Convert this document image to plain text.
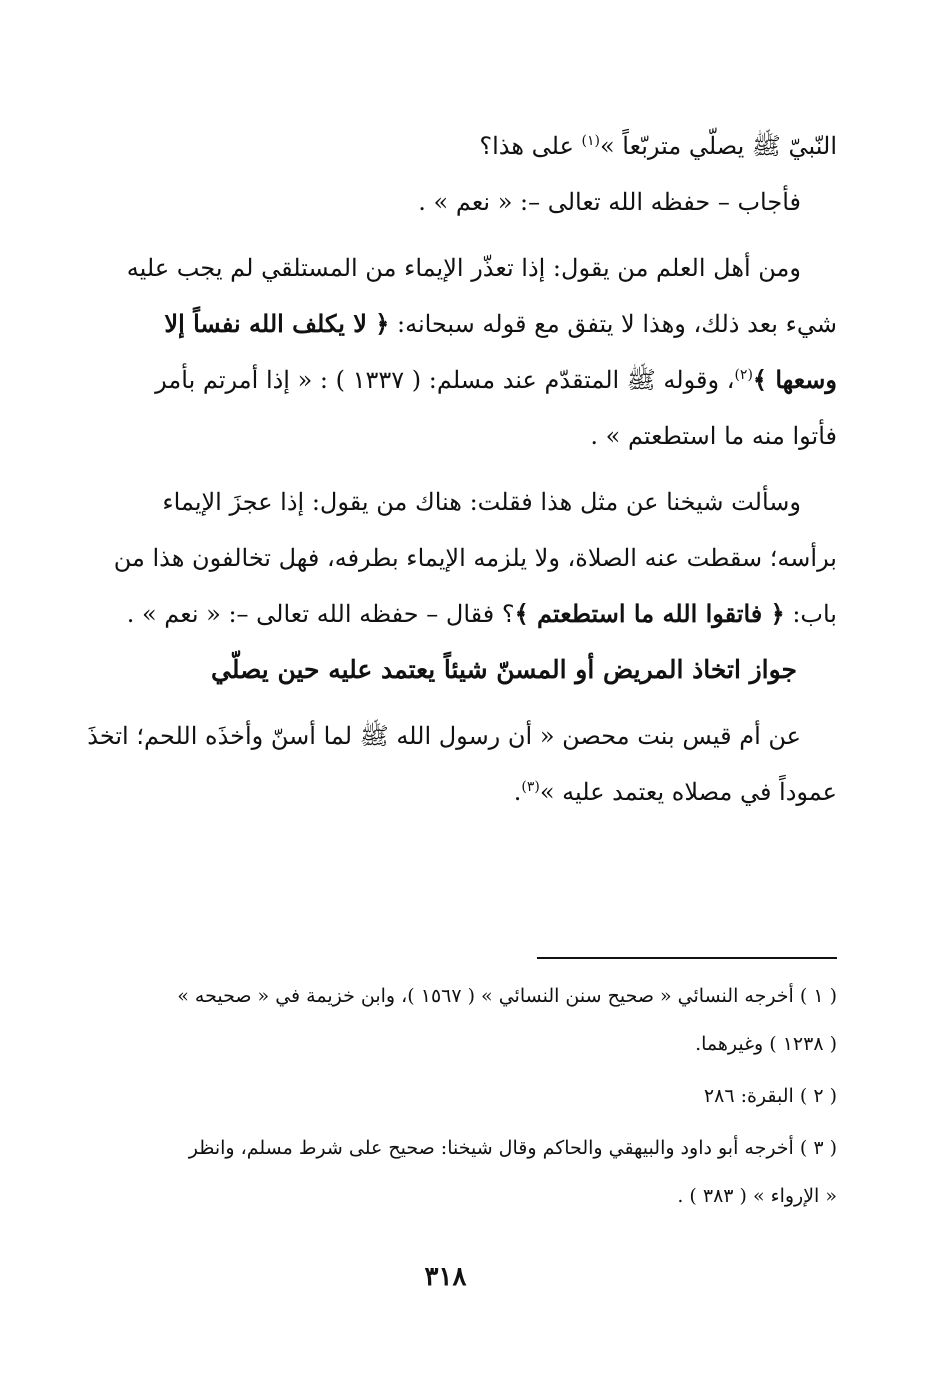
النّبيّ ﷺ يصلّي متربّعاً »$^{(١)}$ على هذا؟
فأجاب – حفظه الله تعالى –: « نعم » .
ومن أهل العلم من يقول: إذا تعذّر الإيماء من المستلقي لم يجب عليه
شيء بعد ذلك، وهذا لا يتفق مع قوله سبحانه: ﴿ لا يكلف الله نفساً إلا
وسعها ﴾$^{(٢)}$، وقوله ﷺ المتقدّم عند مسلم: ( ١٣٣٧ ) : « إذا أمرتم بأمر
فأتوا منه ما استطعتم » .
وسألت شيخنا عن مثل هذا فقلت: هناك من يقول: إذا عجزَ الإيماء
برأسه؛ سقطت عنه الصلاة، ولا يلزمه الإيماء بطرفه، فهل تخالفون هذا من
باب: ﴿ فاتقوا الله ما استطعتم ﴾؟ فقال – حفظه الله تعالى –: « نعم » .
جواز اتخاذ المريض أو المسنّ شيئاً يعتمد عليه حين يصلّي
عن أم قيس بنت محصن « أن رسول الله ﷺ لما أسنّ وأخذَه اللحم؛ اتخذَ
عموداً في مصلاه يعتمد عليه »$^{(٣)}$.
( ١ ) أخرجه النسائي « صحيح سنن النسائي » ( ١٥٦٧ )، وابن خزيمة في « صحيحه »
( ١٢٣٨ ) وغيرهما.
( ٢ ) البقرة: ٢٨٦
( ٣ ) أخرجه أبو داود والبيهقي والحاكم وقال شيخنا: صحيح على شرط مسلم، وانظر
« الإرواء » ( ٣٨٣ ) .
٣١٨
